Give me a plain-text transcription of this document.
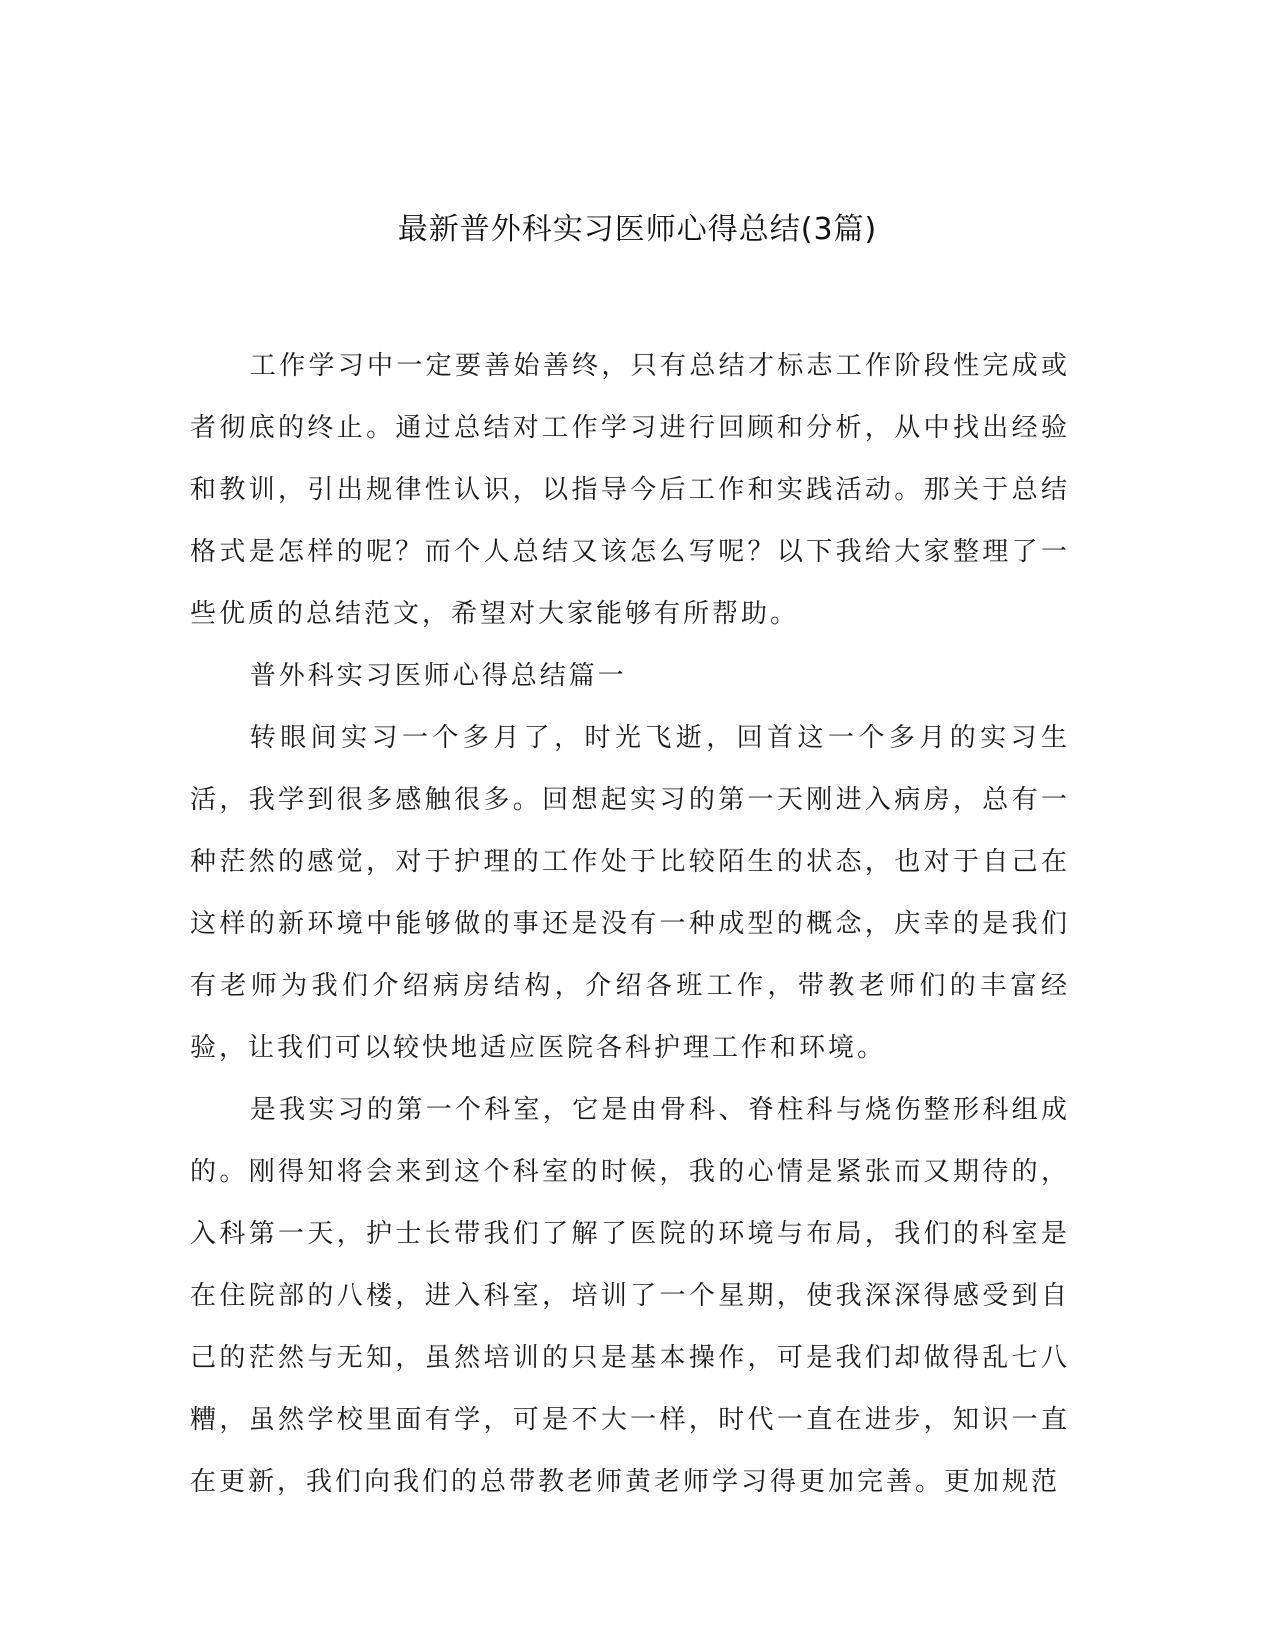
最新普外科实习医师心得总结(3篇)

工作学习中一定要善始善终，只有总结才标志工作阶段性完成或者彻底的终止。通过总结对工作学习进行回顾和分析，从中找出经验和教训，引出规律性认识，以指导今后工作和实践活动。那关于总结格式是怎样的呢？而个人总结又该怎么写呢？以下我给大家整理了一些优质的总结范文，希望对大家能够有所帮助。

普外科实习医师心得总结篇一

转眼间实习一个多月了，时光飞逝，回首这一个多月的实习生活，我学到很多感触很多。回想起实习的第一天刚进入病房，总有一种茫然的感觉，对于护理的工作处于比较陌生的状态，也对于自己在这样的新环境中能够做的事还是没有一种成型的概念，庆幸的是我们有老师为我们介绍病房结构，介绍各班工作，带教老师们的丰富经验，让我们可以较快地适应医院各科护理工作和环境。

是我实习的第一个科室，它是由骨科、脊柱科与烧伤整形科组成的。刚得知将会来到这个科室的时候，我的心情是紧张而又期待的，入科第一天，护士长带我们了解了医院的环境与布局，我们的科室是在住院部的八楼，进入科室，培训了一个星期，使我深深得感受到自己的茫然与无知，虽然培训的只是基本操作，可是我们却做得乱七八糟，虽然学校里面有学，可是不大一样，时代一直在进步，知识一直在更新，我们向我们的总带教老师黄老师学习得更加完善。更加规范
